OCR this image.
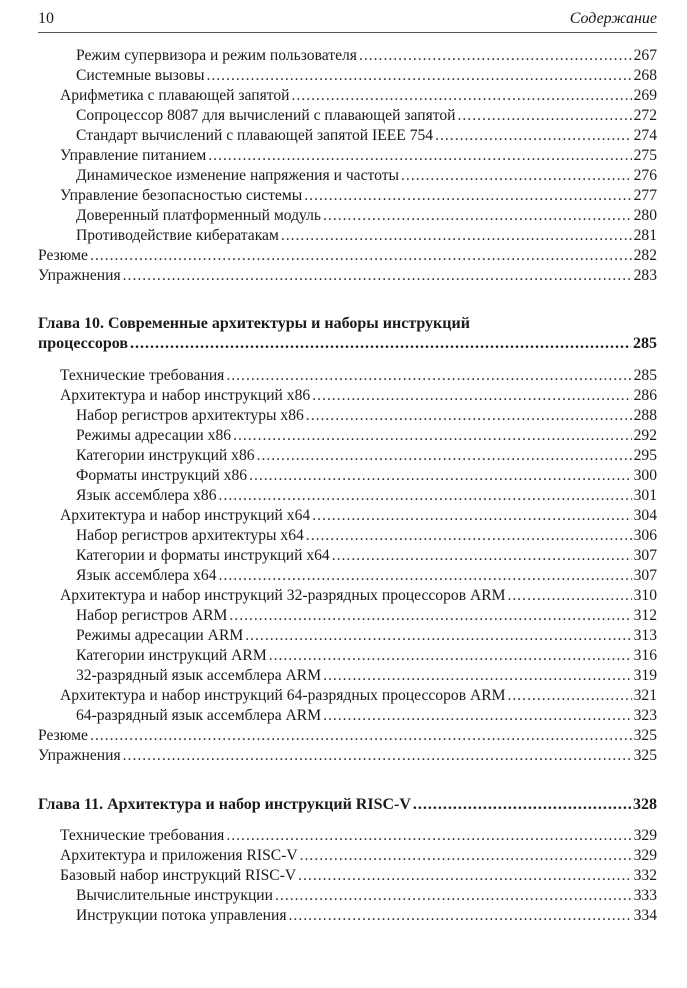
10	Содержание
Режим супервизора и режим пользователя .....	267
Системные вызовы .....	268
Арифметика с плавающей запятой .....	269
Сопроцессор 8087 для вычислений с плавающей запятой .....	272
Стандарт вычислений с плавающей запятой IEEE 754 .....	274
Управление питанием .....	275
Динамическое изменение напряжения и частоты .....	276
Управление безопасностью системы .....	277
Доверенный платформенный модуль .....	280
Противодействие кибератакам .....	281
Резюме .....	282
Упражнения .....	283
Глава 10. Современные архитектуры и наборы инструкций
процессоров .....	285
Технические требования .....	285
Архитектура и набор инструкций x86 .....	286
Набор регистров архитектуры x86 .....	288
Режимы адресации x86 .....	292
Категории инструкций x86 .....	295
Форматы инструкций x86 .....	300
Язык ассемблера x86 .....	301
Архитектура и набор инструкций x64 .....	304
Набор регистров архитектуры x64 .....	306
Категории и форматы инструкций x64 .....	307
Язык ассемблера x64 .....	307
Архитектура и набор инструкций 32-разрядных процессоров ARM .....	310
Набор регистров ARM .....	312
Режимы адресации ARM .....	313
Категории инструкций ARM .....	316
32-разрядный язык ассемблера ARM .....	319
Архитектура и набор инструкций 64-разрядных процессоров ARM .....	321
64-разрядный язык ассемблера ARM .....	323
Резюме .....	325
Упражнения .....	325
Глава 11. Архитектура и набор инструкций RISC-V .....	328
Технические требования .....	329
Архитектура и приложения RISC-V .....	329
Базовый набор инструкций RISC-V .....	332
Вычислительные инструкции .....	333
Инструкции потока управления .....	334
